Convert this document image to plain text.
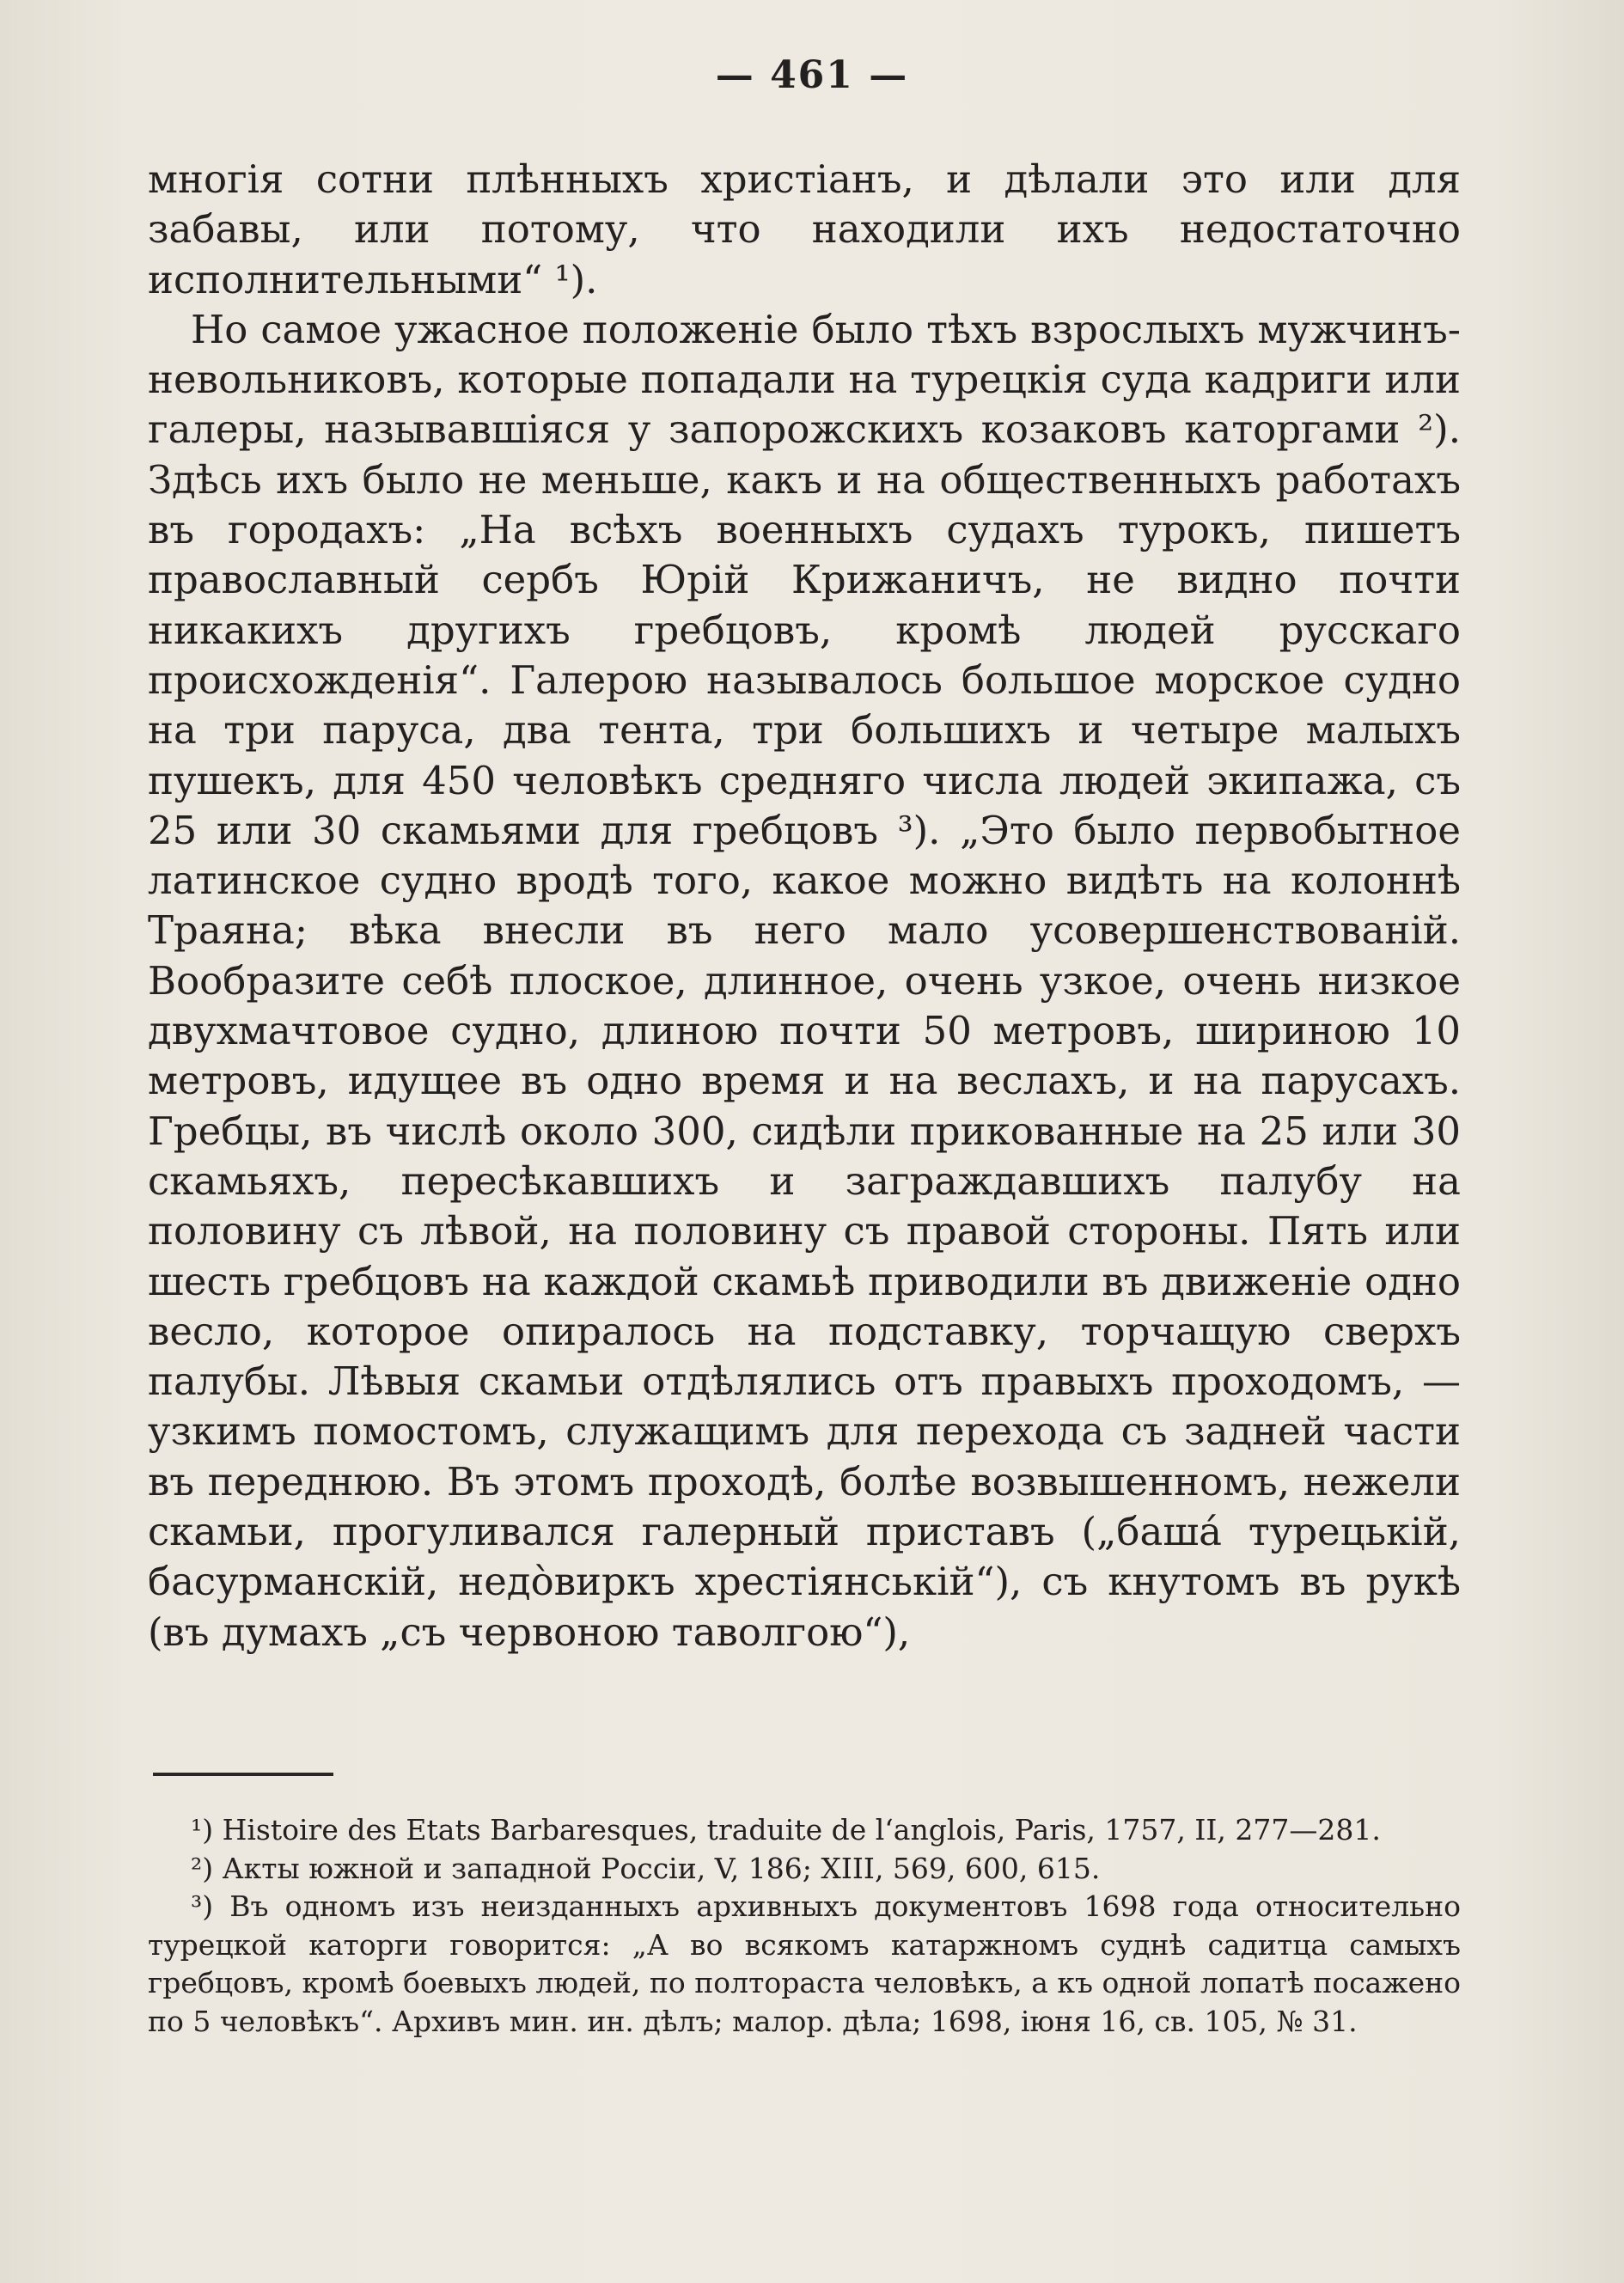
— 461 —

многія сотни плѣнныхъ христіанъ, и дѣлали это или для забавы, или потому, что находили ихъ недостаточно исполнительными“ ¹).

Но самое ужасное положеніе было тѣхъ взрослыхъ мужчинъ-невольниковъ, которые попадали на турецкія суда кадриги или галеры, называвшіяся у запорожскихъ козаковъ каторгами ²). Здѣсь ихъ было не меньше, какъ и на общественныхъ работахъ въ городахъ: „На всѣхъ военныхъ судахъ турокъ, пишетъ православный сербъ Юрій Крижаничъ, не видно почти никакихъ другихъ гребцовъ, кромѣ людей русскаго происхожденія“. Галерою называлось большое морское судно на три паруса, два тента, три большихъ и четыре малыхъ пушекъ, для 450 человѣкъ средняго числа людей экипажа, съ 25 или 30 скамьями для гребцовъ ³). „Это было первобытное латинское судно вродѣ того, какое можно видѣть на колоннѣ Траяна; вѣка внесли въ него мало усовершенствованій. Вообразите себѣ плоское, длинное, очень узкое, очень низкое двухмачтовое судно, длиною почти 50 метровъ, шириною 10 метровъ, идущее въ одно время и на веслахъ, и на парусахъ. Гребцы, въ числѣ около 300, сидѣли прикованные на 25 или 30 скамьяхъ, пересѣкавшихъ и заграждавшихъ палубу на половину съ лѣвой, на половину съ правой стороны. Пять или шесть гребцовъ на каждой скамьѣ приводили въ движеніе одно весло, которое опиралось на подставку, торчащую сверхъ палубы. Лѣвыя скамьи отдѣлялись отъ правыхъ проходомъ, — узкимъ помостомъ, служащимъ для перехода съ задней части въ переднюю. Въ этомъ проходѣ, болѣе возвышенномъ, нежели скамьи, прогуливался галерный приставъ („баша́ турецькій, басурманскій, недо̀виркъ хрестіянській“), съ кнутомъ въ рукѣ (въ думахъ „съ червоною таволгою“),

¹) Histoire des Etats Barbaresques, traduite de l‘anglois, Paris, 1757, II, 277—281.

²) Акты южной и западной Россіи, V, 186; XIII, 569, 600, 615.

³) Въ одномъ изъ неизданныхъ архивныхъ документовъ 1698 года относительно турецкой каторги говорится: „А во всякомъ катаржномъ суднѣ садитца самыхъ гребцовъ, кромѣ боевыхъ людей, по полтораста человѣкъ, а къ одной лопатѣ посажено по 5 человѣкъ“. Архивъ мин. ин. дѣлъ; малор. дѣла; 1698, іюня 16, св. 105, № 31.
